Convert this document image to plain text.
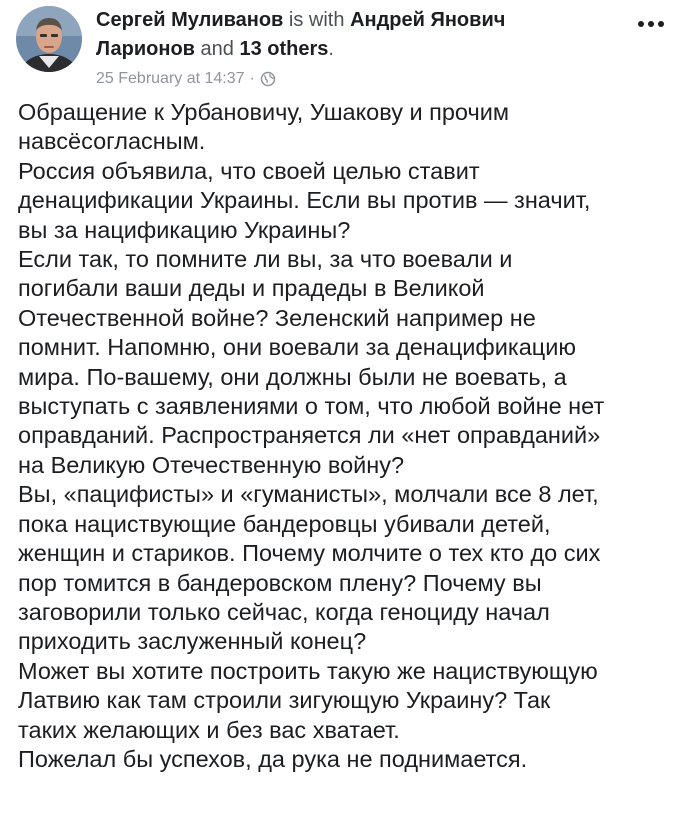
Сергей Муливанов is with Андрей Янович Ларионов and 13 others.
25 February at 14:37 ·

Обращение к Урбановичу, Ушакову и прочим
навсёсогласным.

Россия объявила, что своей целью ставит
денацификации Украины. Если вы против — значит,
вы за нацификацию Украины?

Если так, то помните ли вы, за что воевали и
погибали ваши деды и прадеды в Великой
Отечественной войне? Зеленский например не
помнит. Напомню, они воевали за денацификацию
мира. По-вашему, они должны были не воевать, а
выступать с заявлениями о том, что любой войне нет
оправданий. Распространяется ли «нет оправданий»
на Великую Отечественную войну?

Вы, «пацифисты» и «гуманисты», молчали все 8 лет,
пока нациствующие бандеровцы убивали детей,
женщин и стариков. Почему молчите о тех кто до сих
пор томится в бандеровском плену? Почему вы
заговорили только сейчас, когда геноциду начал
приходить заслуженный конец?

Может вы хотите построить такую же нациствующую
Латвию как там строили зигующую Украину? Так
таких желающих и без вас хватает.

Пожелал бы успехов, да рука не поднимается.
